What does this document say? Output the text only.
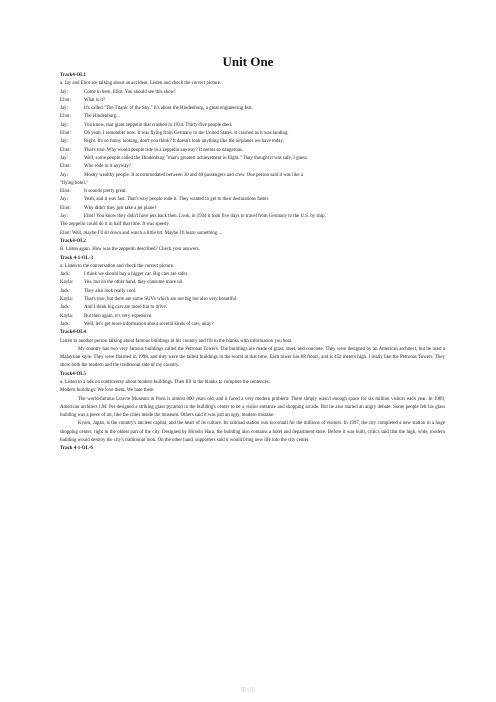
·
Unit One
Track4-OL1
a. Jay and Eliot are talking about an accident. Listen and check the correct picture.
Jay:	Come in here, Eliot. You should see this show!
Eliot:	What is it?
Jay:	It's called "The Titanic of the Sky." It's about the Hindenburg, a great engineering feat.
Eliot:	The Hindenburg...
Jay:	You know, that giant zeppelin that crashed in 1934. Thirty-five people died.
Eliot:	Oh yeah, I remember now. It was flying from Germany to the United States. It crashed as it was landing.
Jay:	Right. It's so funny looking, don't you think? It doesn't look anything like the airplanes we have today.
Eliot:	That's true. Why would people ride in a zeppelin anyway? It seems so dangerous.
Jay:	Well, some people called the Hindenburg "man's greatest achievement in flight." They thought it was safe, I guess.
Eliot:	Who rode in it anyway?
Jay:	Mostly wealthy people. It accommodated between 30 and 40 passengers and crew. One person said it was like a
"flying hotel."
Eliot:	It sounds pretty great.
Jay:	Yeah, and it was fast. That's why people rode it. They wanted to get to their destinations faster.
Eliot:	Why didn't they just take a jet plane?
Jay:	Eliot! You know they didn't have jets back then. Look, in 1934 it took five days to travel from Germany to the U.S. by ship.
The zeppelin could do it in half that time. It was speedy.
Eliot: Well, maybe I'll sit down and watch a little bit. Maybe I'll learn something ...
Track4-OL2
B. Listen again. How was the zeppelin described? Check your answers.
Track 4-1-OL-3
a. Listen to the conversation and check the correct picture.
Jack:	I think we should buy a bigger car. Big cars are safer.
Kayla:	Yes, but on the other hand, they consume more oil.
Jack:	They also look really cool.
Kayla:	That's true, but there are some SUVs which are not big but also very beautiful.
Jack:	And I think big cars are more fun to drive.
Kayla:	But then again, it's very expensive.
Jack:	Well, let's get more information about several kinds of cars, okay?
Track4-OL4
Listen to another person talking about famous buildings in his country and fill in the blanks with information you hear.
My country has two very famous buildings called the Petronas Towers. The buildings are made of glass, steel, and concrete. They were designed by an American architect, but he used a Malaysian style. They were finished in 1998, and they were the tallest buildings in the world at that time. Each tower has 88 floors, and is 452 meters high. I really like the Petronas Towers. They show both the modern and the traditional side of my country.
Track4-OL5
a. Listen to a talk on controversy about modern buildings. Then fill in the blanks to complete the sentences.
Modern buildings: We love them, We hate them
The world-famous Louvre Museum in Paris is almost 800 years old, and it faced a very modern problem: There simply wasn't enough space for six million visitors each year. In 1989, American architect I.M. Pei designed a striking glass pyramid in the building's center to be a visitor entrance and shopping arcade. But he also started an angry debate. Some people felt his glass building was a piece of art, like the cities inside the museum. Others said it was just an ugly, modern mistake.
Kyoto, Japan, is the country's ancient capital, and the heart of its culture. Its railroad station was too small for the millions of visitors. In 1997, the city completed a new station in a huge shopping center, right in the oldest part of the city. Designed by Hiroshi Hara, the building also contains a hotel and department store. Before it was built, critics said that the high, wide, modern building would destroy the city's traditional look. On the other hand, supporters said it would bring new life into the city center.
Track 4-1-OL-6
第1页
